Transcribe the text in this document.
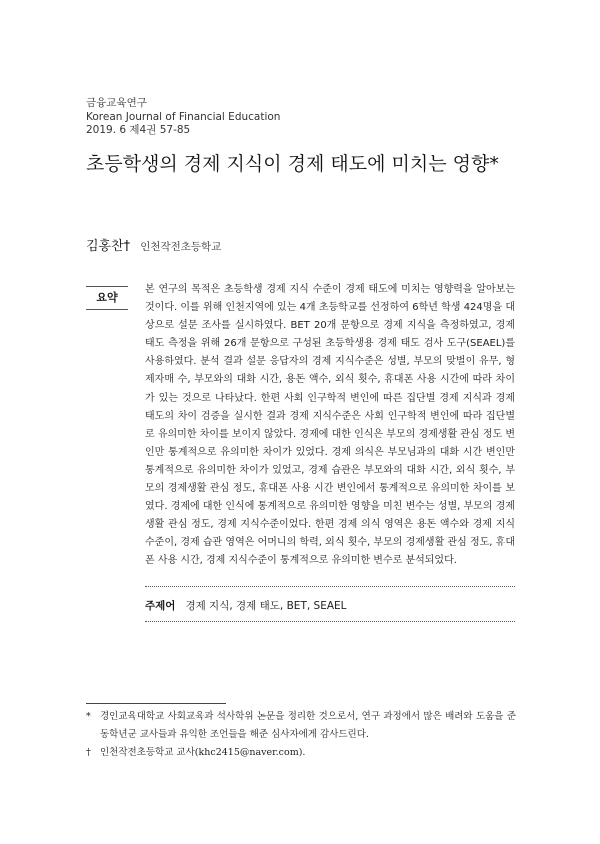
금융교육연구
Korean Journal of Financial Education
2019. 6 제4권 57-85
초등학생의 경제 지식이 경제 태도에 미치는 영향*
김홍찬† 인천작전초등학교
요약

본 연구의 목적은 초등학생 경제 지식 수준이 경제 태도에 미치는 영향력을 알아보는 것이다. 이를 위해 인천지역에 있는 4개 초등학교를 선정하여 6학년 학생 424명을 대상으로 설문 조사를 실시하였다. BET 20개 문항으로 경제 지식을 측정하였고, 경제 태도 측정을 위해 26개 문항으로 구성된 초등학생용 경제 태도 검사 도구(SEAEL)를 사용하였다. 분석 결과 설문 응답자의 경제 지식수준은 성별, 부모의 맞벌이 유무, 형제자매 수, 부모와의 대화 시간, 용돈 액수, 외식 횟수, 휴대폰 사용 시간에 따라 차이가 있는 것으로 나타났다. 한편 사회 인구학적 변인에 따른 집단별 경제 지식과 경제 태도의 차이 검증을 실시한 결과 경제 지식수준은 사회 인구학적 변인에 따라 집단별로 유의미한 차이를 보이지 않았다. 경제에 대한 인식은 부모의 경제생활 관심 정도 변인만 통계적으로 유의미한 차이가 있었다. 경제 의식은 부모님과의 대화 시간 변인만 통계적으로 유의미한 차이가 있었고, 경제 습관은 부모와의 대화 시간, 외식 횟수, 부모의 경제생활 관심 정도, 휴대폰 사용 시간 변인에서 통계적으로 유의미한 차이를 보였다. 경제에 대한 인식에 통계적으로 유의미한 영향을 미친 변수는 성별, 부모의 경제생활 관심 정도, 경제 지식수준이었다. 한편 경제 의식 영역은 용돈 액수와 경제 지식수준이, 경제 습관 영역은 어머니의 학력, 외식 횟수, 부모의 경제생활 관심 정도, 휴대폰 사용 시간, 경제 지식수준이 통계적으로 유의미한 변수로 분석되었다.

주제어 경제 지식, 경제 태도, BET, SEAEL
* 경인교육대학교 사회교육과 석사학위 논문을 정리한 것으로서, 연구 과정에서 많은 배려와 도움을 준 동학년군 교사들과 유익한 조언들을 해준 심사자에게 감사드린다.
† 인천작전초등학교 교사(khc2415@naver.com).
